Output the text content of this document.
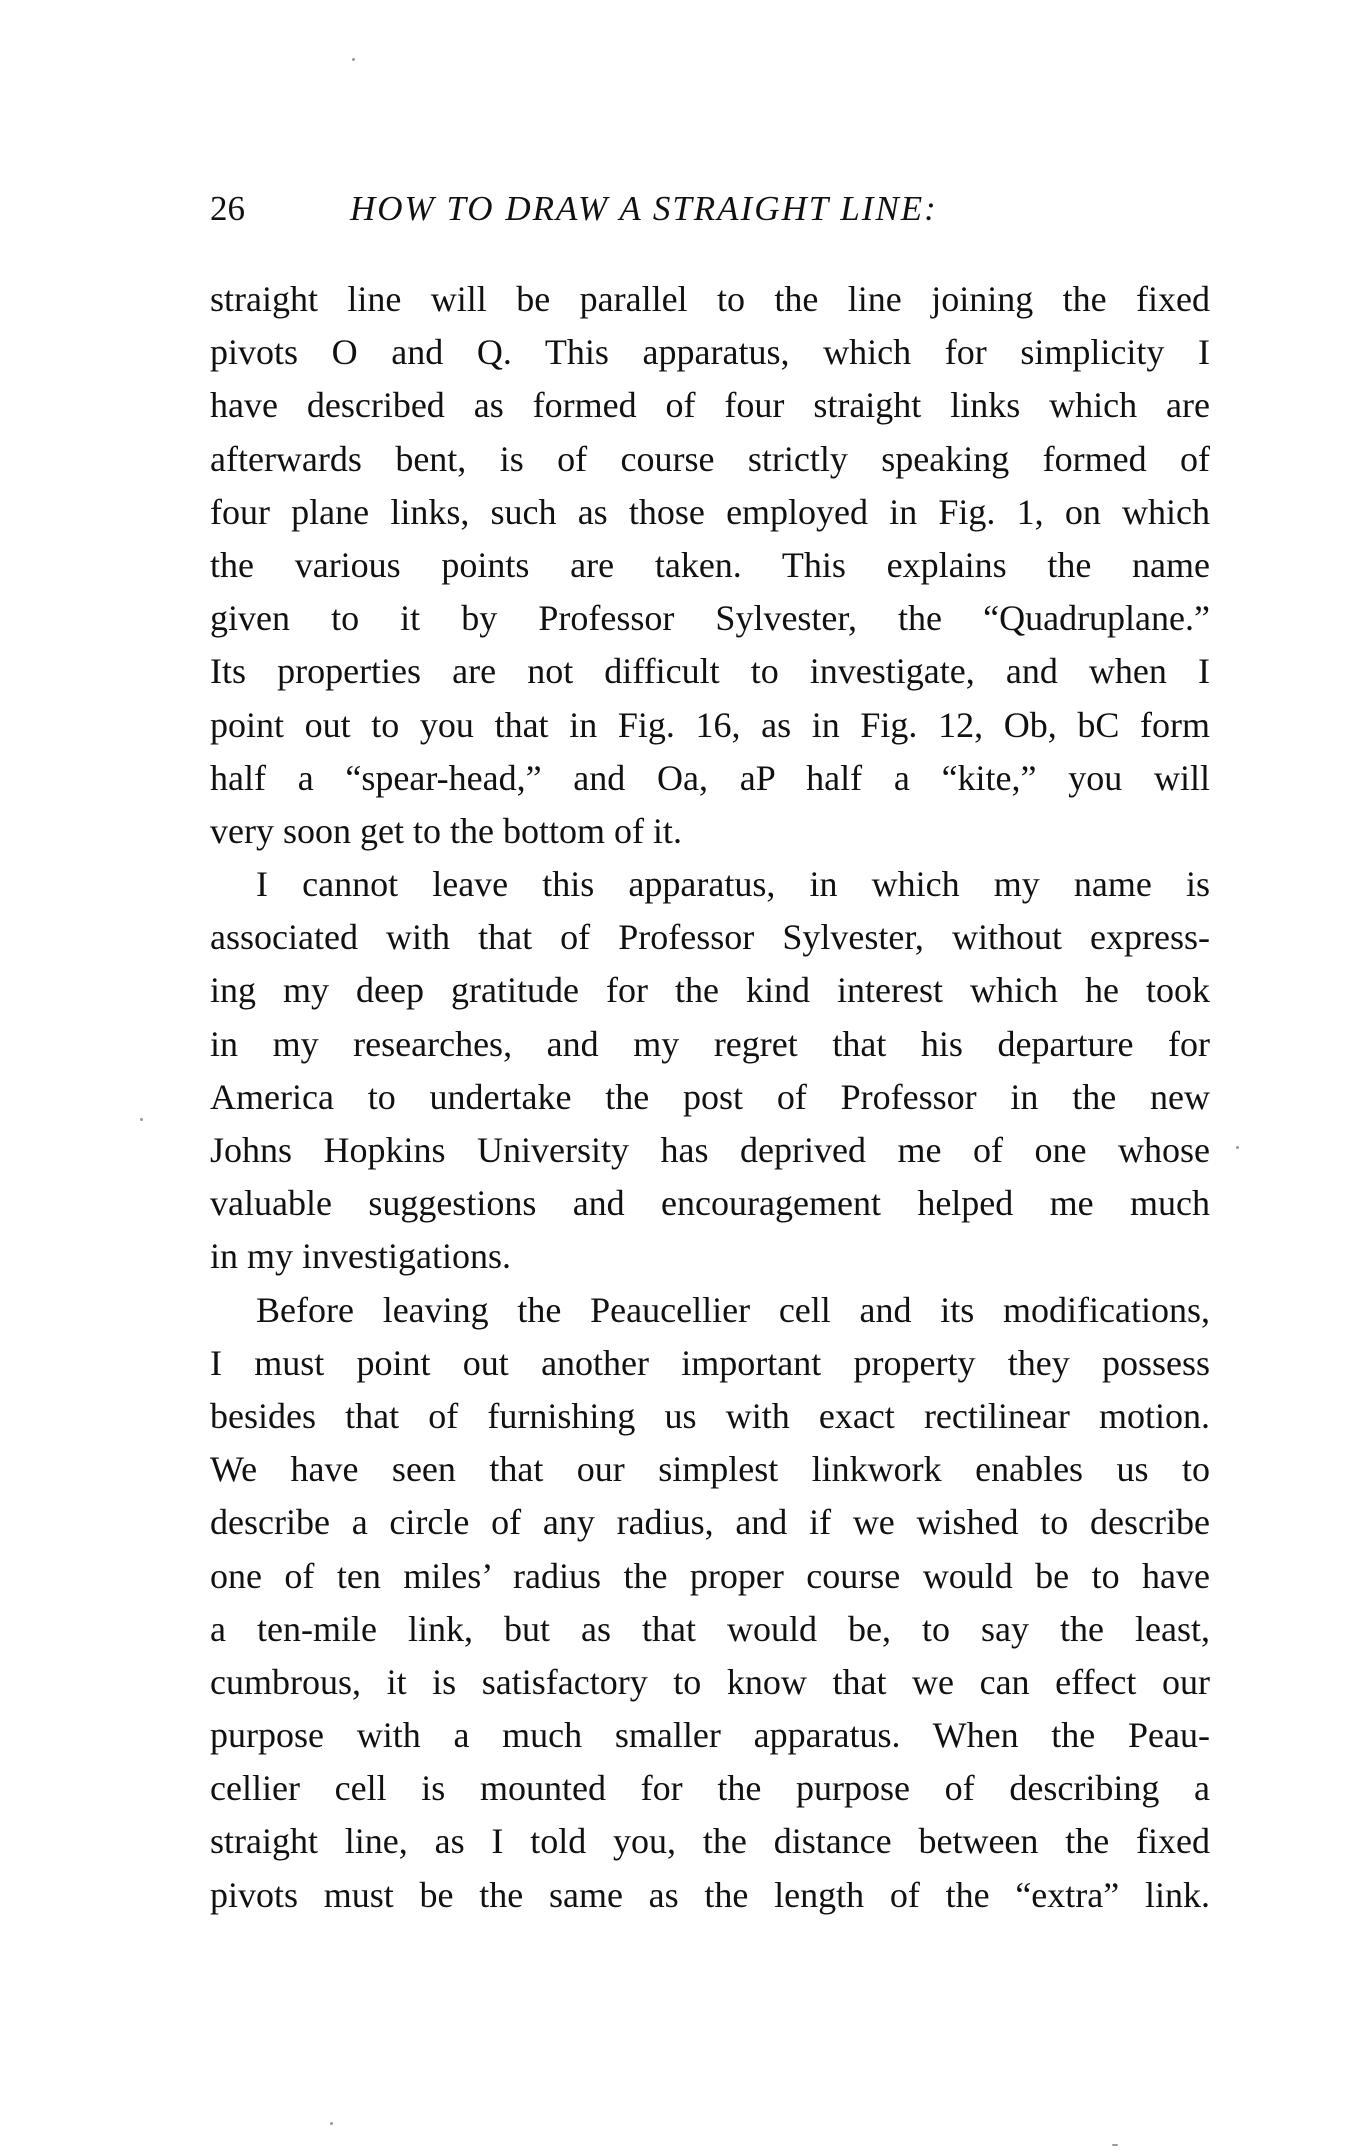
26	HOW TO DRAW A STRAIGHT LINE:
straight line will be parallel to the line joining the fixed
pivots O and Q. This apparatus, which for simplicity I
have described as formed of four straight links which are
afterwards bent, is of course strictly speaking formed of
four plane links, such as those employed in Fig. 1, on which
the various points are taken. This explains the name
given to it by Professor Sylvester, the “Quadruplane.”
Its properties are not difficult to investigate, and when I
point out to you that in Fig. 16, as in Fig. 12, Ob, bC form
half a “spear-head,” and Oa, aP half a “kite,” you will
very soon get to the bottom of it.
I cannot leave this apparatus, in which my name is
associated with that of Professor Sylvester, without express-
ing my deep gratitude for the kind interest which he took
in my researches, and my regret that his departure for
America to undertake the post of Professor in the new
Johns Hopkins University has deprived me of one whose
valuable suggestions and encouragement helped me much
in my investigations.
Before leaving the Peaucellier cell and its modifications,
I must point out another important property they possess
besides that of furnishing us with exact rectilinear motion.
We have seen that our simplest linkwork enables us to
describe a circle of any radius, and if we wished to describe
one of ten miles’ radius the proper course would be to have
a ten-mile link, but as that would be, to say the least,
cumbrous, it is satisfactory to know that we can effect our
purpose with a much smaller apparatus. When the Peau-
cellier cell is mounted for the purpose of describing a
straight line, as I told you, the distance between the fixed
pivots must be the same as the length of the “extra” link.
